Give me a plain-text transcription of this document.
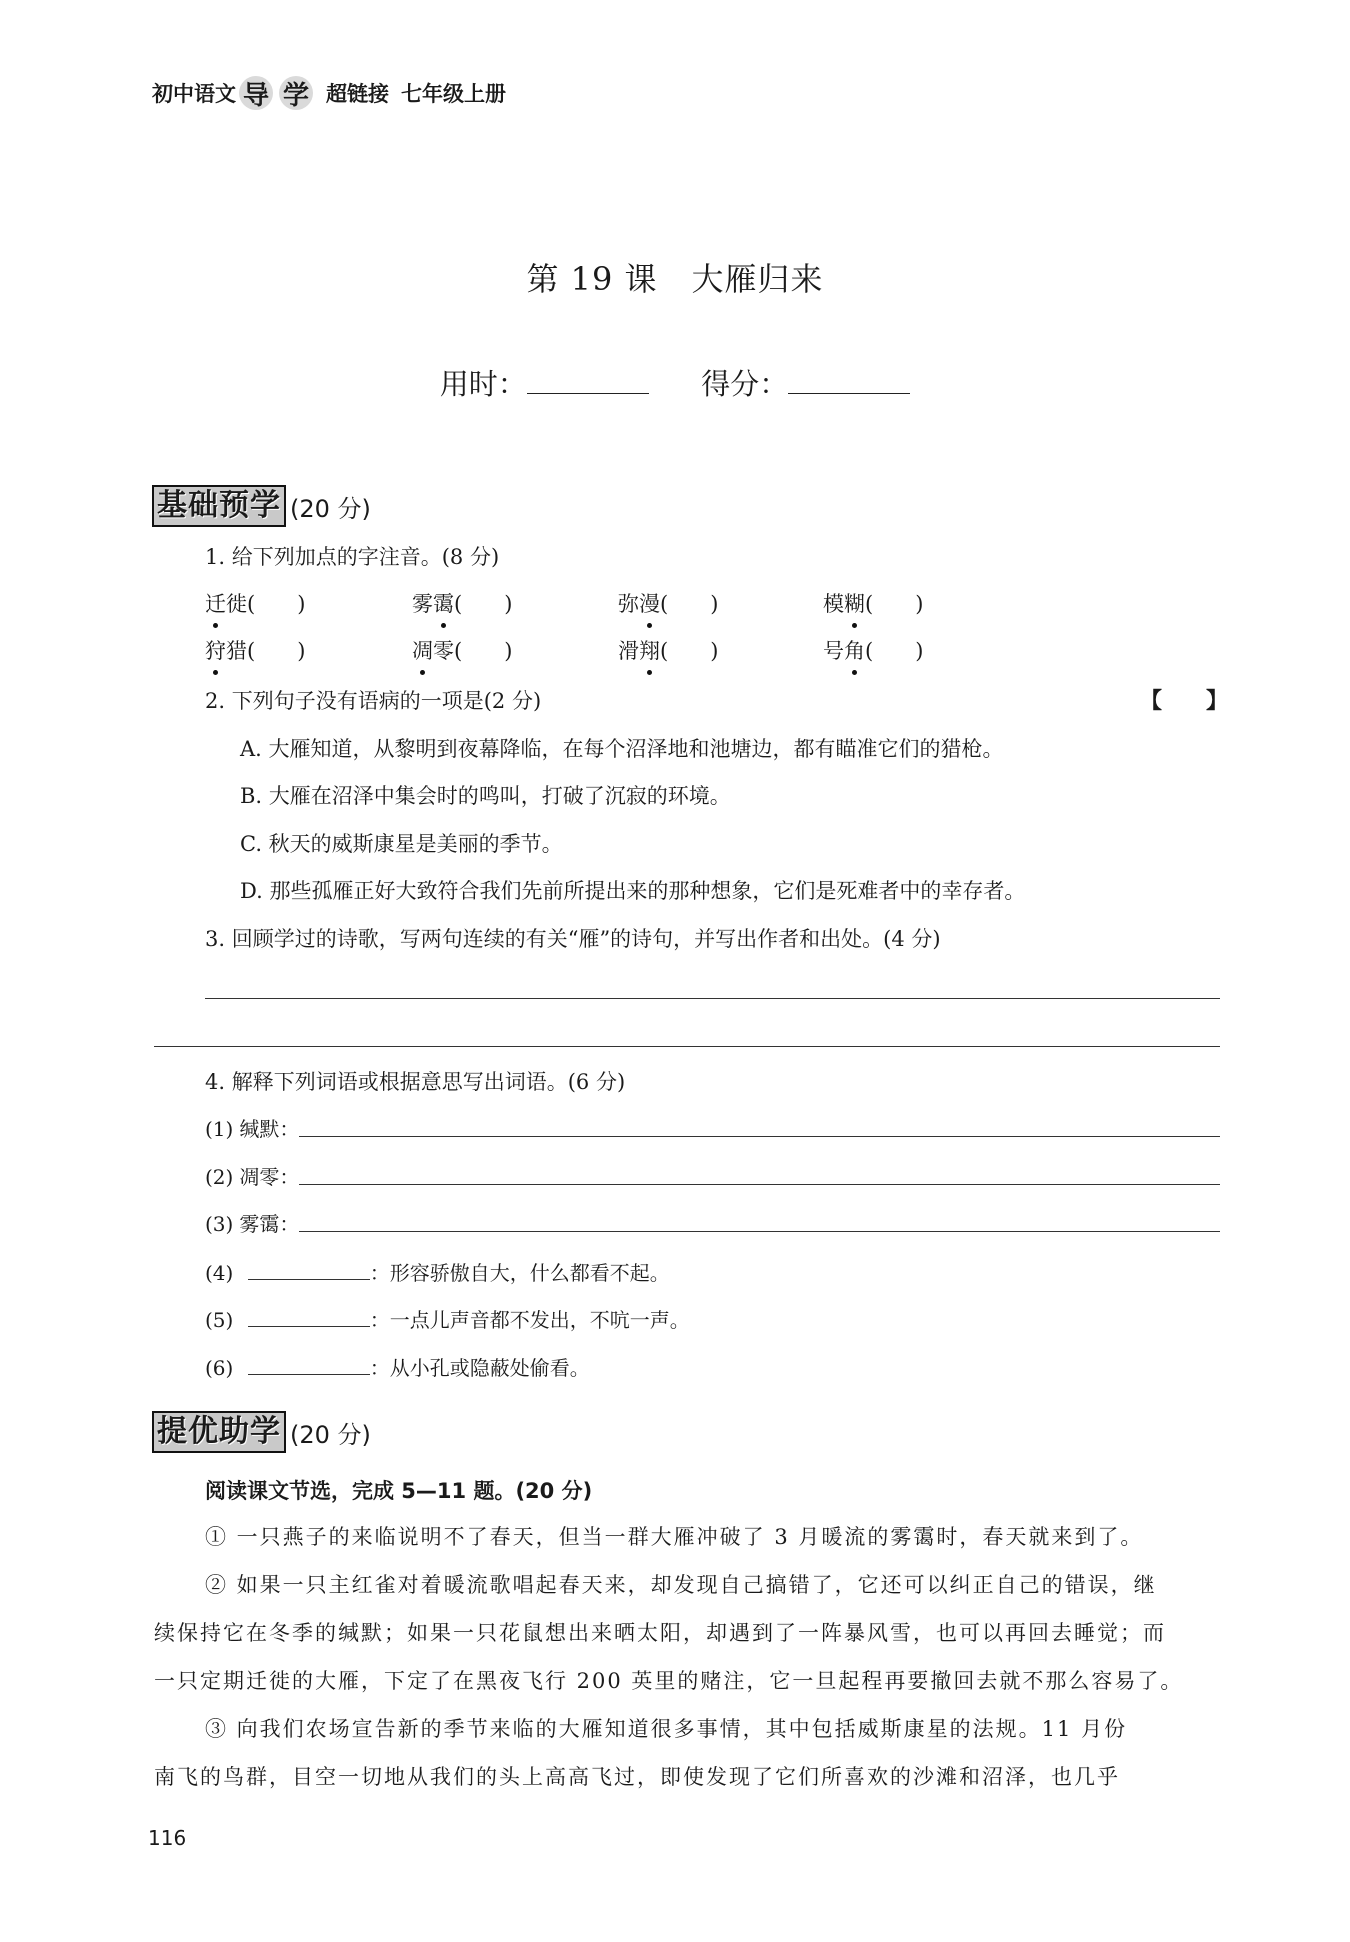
初中语文 导 学 超链接 七年级上册
第 19 课 大雁归来
用时：	得分：
基础预学 (20 分)
1. 给下列加点的字注音。(8 分)
迁徙(　　)	雾霭(　　)	弥漫(　　)	模糊(　　)
狩猎(　　)	凋零(　　)	滑翔(　　)	号角(　　)
2. 下列句子没有语病的一项是(2 分)	【　　】
A. 大雁知道，从黎明到夜幕降临，在每个沼泽地和池塘边，都有瞄准它们的猎枪。
B. 大雁在沼泽中集会时的鸣叫，打破了沉寂的环境。
C. 秋天的威斯康星是美丽的季节。
D. 那些孤雁正好大致符合我们先前所提出来的那种想象，它们是死难者中的幸存者。
3. 回顾学过的诗歌，写两句连续的有关“雁”的诗句，并写出作者和出处。(4 分)
4. 解释下列词语或根据意思写出词语。(6 分)
(1) 缄默：
(2) 凋零：
(3) 雾霭：
(4)	：形容骄傲自大，什么都看不起。
(5)	：一点儿声音都不发出，不吭一声。
(6)	：从小孔或隐蔽处偷看。
提优助学 (20 分)
阅读课文节选，完成 5—11 题。(20 分)
① 一只燕子的来临说明不了春天，但当一群大雁冲破了 3 月暖流的雾霭时，春天就来到了。
② 如果一只主红雀对着暖流歌唱起春天来，却发现自己搞错了，它还可以纠正自己的错误，继
续保持它在冬季的缄默；如果一只花鼠想出来晒太阳，却遇到了一阵暴风雪，也可以再回去睡觉；而
一只定期迁徙的大雁，下定了在黑夜飞行 200 英里的赌注，它一旦起程再要撤回去就不那么容易了。
③ 向我们农场宣告新的季节来临的大雁知道很多事情，其中包括威斯康星的法规。11 月份
南飞的鸟群，目空一切地从我们的头上高高飞过，即使发现了它们所喜欢的沙滩和沼泽，也几乎
116
